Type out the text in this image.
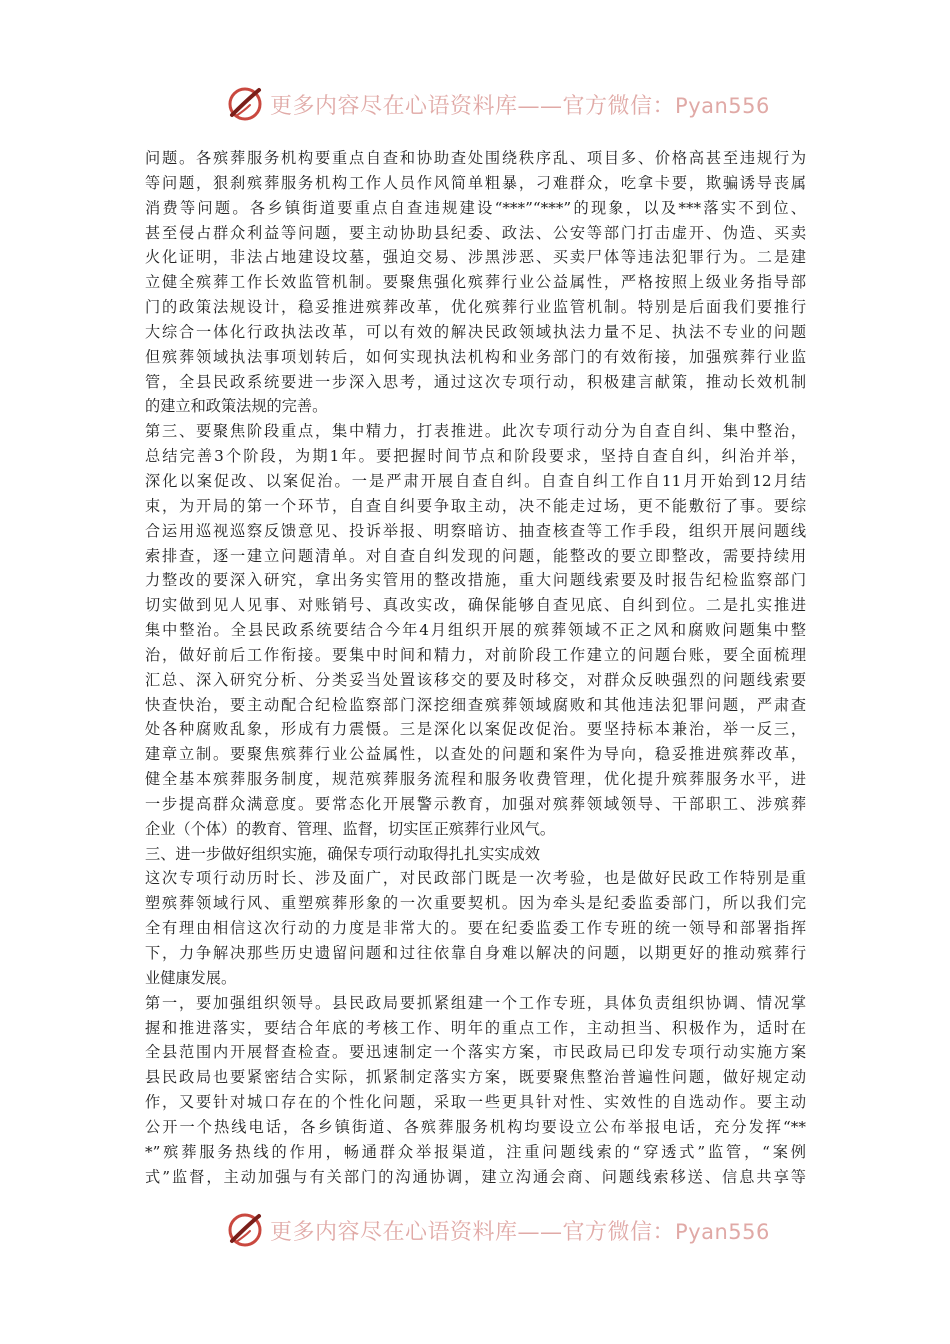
更多内容尽在心语资料库——官方微信：Pyan556
问题。各殡葬服务机构要重点自查和协助查处围绕秩序乱、项目多、价格高甚至违规行为
等问题，狠刹殡葬服务机构工作人员作风简单粗暴，刁难群众，吃拿卡要，欺骗诱导丧属
消费等问题。各乡镇街道要重点自查违规建设“***”“***”的现象，以及***落实不到位、
甚至侵占群众利益等问题，要主动协助县纪委、政法、公安等部门打击虚开、伪造、买卖
火化证明，非法占地建设坟墓，强迫交易、涉黑涉恶、买卖尸体等违法犯罪行为。二是建
立健全殡葬工作长效监管机制。要聚焦强化殡葬行业公益属性，严格按照上级业务指导部
门的政策法规设计，稳妥推进殡葬改革，优化殡葬行业监管机制。特别是后面我们要推行
大综合一体化行政执法改革，可以有效的解决民政领域执法力量不足、执法不专业的问题
但殡葬领域执法事项划转后，如何实现执法机构和业务部门的有效衔接，加强殡葬行业监
管，全县民政系统要进一步深入思考，通过这次专项行动，积极建言献策，推动长效机制
的建立和政策法规的完善。
第三、要聚焦阶段重点，集中精力，打表推进。此次专项行动分为自查自纠、集中整治，
总结完善3个阶段，为期1年。要把握时间节点和阶段要求，坚持自查自纠，纠治并举，
深化以案促改、以案促治。一是严肃开展自查自纠。自查自纠工作自11月开始到12月结
束，为开局的第一个环节，自查自纠要争取主动，决不能走过场，更不能敷衍了事。要综
合运用巡视巡察反馈意见、投诉举报、明察暗访、抽查核查等工作手段，组织开展问题线
索排查，逐一建立问题清单。对自查自纠发现的问题，能整改的要立即整改，需要持续用
力整改的要深入研究，拿出务实管用的整改措施，重大问题线索要及时报告纪检监察部门
切实做到见人见事、对账销号、真改实改，确保能够自查见底、自纠到位。二是扎实推进
集中整治。全县民政系统要结合今年4月组织开展的殡葬领域不正之风和腐败问题集中整
治，做好前后工作衔接。要集中时间和精力，对前阶段工作建立的问题台账，要全面梳理
汇总、深入研究分析、分类妥当处置该移交的要及时移交，对群众反映强烈的问题线索要
快查快治，要主动配合纪检监察部门深挖细查殡葬领域腐败和其他违法犯罪问题，严肃查
处各种腐败乱象，形成有力震慑。三是深化以案促改促治。要坚持标本兼治，举一反三，
建章立制。要聚焦殡葬行业公益属性，以查处的问题和案件为导向，稳妥推进殡葬改革，
健全基本殡葬服务制度，规范殡葬服务流程和服务收费管理，优化提升殡葬服务水平，进
一步提高群众满意度。要常态化开展警示教育，加强对殡葬领域领导、干部职工、涉殡葬
企业（个体）的教育、管理、监督，切实匡正殡葬行业风气。
三、进一步做好组织实施，确保专项行动取得扎扎实实成效
这次专项行动历时长、涉及面广，对民政部门既是一次考验，也是做好民政工作特别是重
塑殡葬领域行风、重塑殡葬形象的一次重要契机。因为牵头是纪委监委部门，所以我们完
全有理由相信这次行动的力度是非常大的。要在纪委监委工作专班的统一领导和部署指挥
下，力争解决那些历史遗留问题和过往依靠自身难以解决的问题，以期更好的推动殡葬行
业健康发展。
第一，要加强组织领导。县民政局要抓紧组建一个工作专班，具体负责组织协调、情况掌
握和推进落实，要结合年底的考核工作、明年的重点工作，主动担当、积极作为，适时在
全县范围内开展督查检查。要迅速制定一个落实方案，市民政局已印发专项行动实施方案
县民政局也要紧密结合实际，抓紧制定落实方案，既要聚焦整治普遍性问题，做好规定动
作，又要针对城口存在的个性化问题，采取一些更具针对性、实效性的自选动作。要主动
公开一个热线电话，各乡镇街道、各殡葬服务机构均要设立公布举报电话，充分发挥“**
*”殡葬服务热线的作用，畅通群众举报渠道，注重问题线索的“穿透式”监管，“案例
式”监督，主动加强与有关部门的沟通协调，建立沟通会商、问题线索移送、信息共享等
更多内容尽在心语资料库——官方微信：Pyan556
